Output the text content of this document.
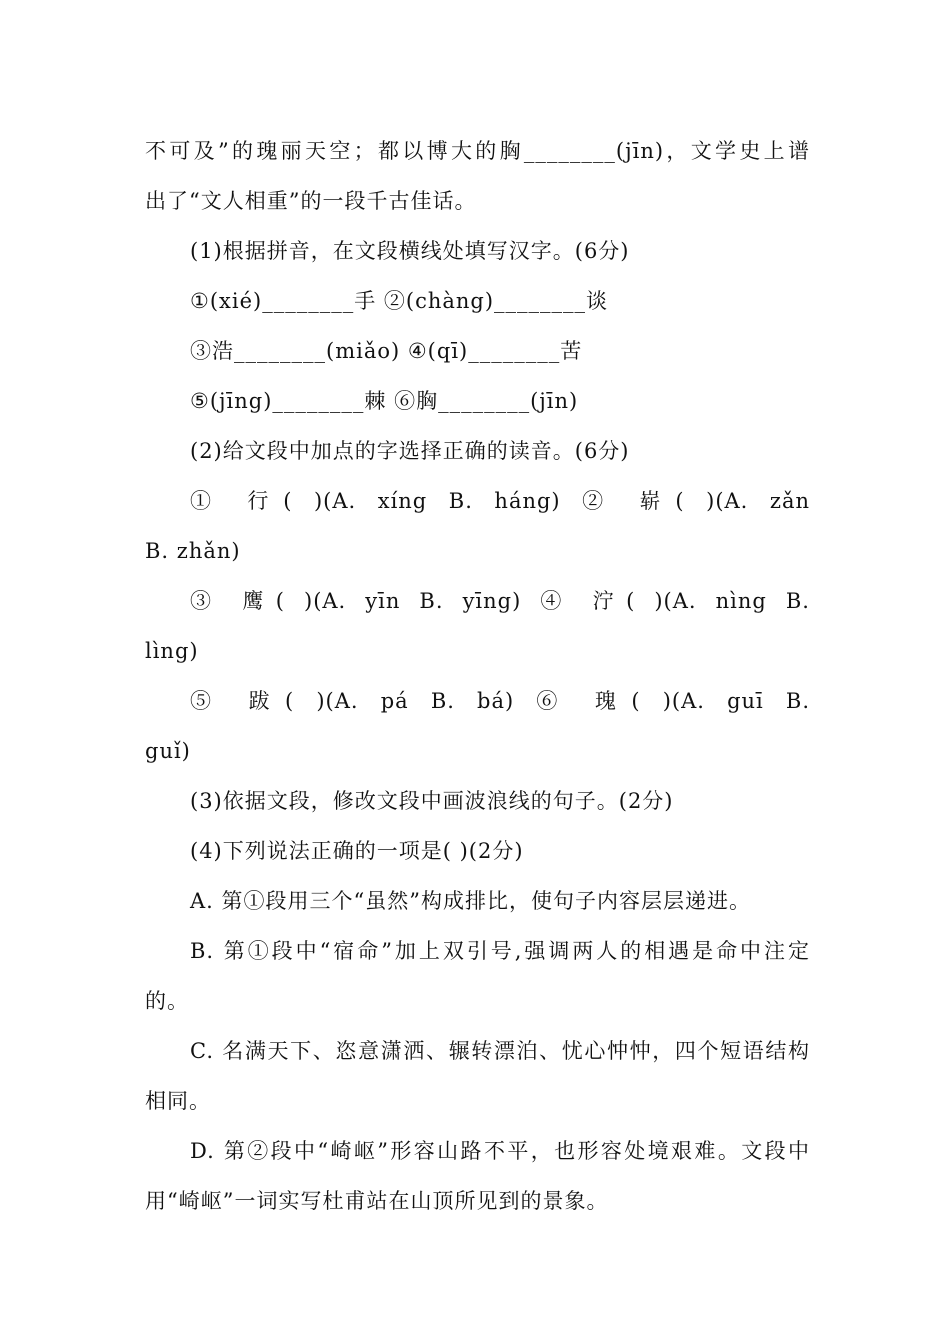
不可及”的瑰丽天空；都以博大的胸________(jīn)，文学史上谱
出了“文人相重”的一段千古佳话。
(1)根据拼音，在文段横线处填写汉字。(6分)
①(xié)________手 ②(chàng)________谈
③浩________(miǎo) ④(qī)________苦
⑤(jīng)________棘 ⑥胸________(jīn)
(2)给文段中加点的字选择正确的读音。(6分)
① 行( )(A. xíng B. háng) ② 崭( )(A. zǎn
B. zhǎn)
③ 鹰( )(A. yīn B. yīng) ④ 泞( )(A. nìng B.
lìng)
⑤ 跋( )(A. pá B. bá) ⑥ 瑰( )(A. guī B.
guǐ)
(3)依据文段，修改文段中画波浪线的句子。(2分)
(4)下列说法正确的一项是( )(2分)
A. 第①段用三个“虽然”构成排比，使句子内容层层递进。
B. 第①段中“宿命”加上双引号,强调两人的相遇是命中注定
的。
C. 名满天下、恣意潇洒、辗转漂泊、忧心忡忡，四个短语结构
相同。
D. 第②段中“崎岖”形容山路不平，也形容处境艰难。文段中
用“崎岖”一词实写杜甫站在山顶所见到的景象。
